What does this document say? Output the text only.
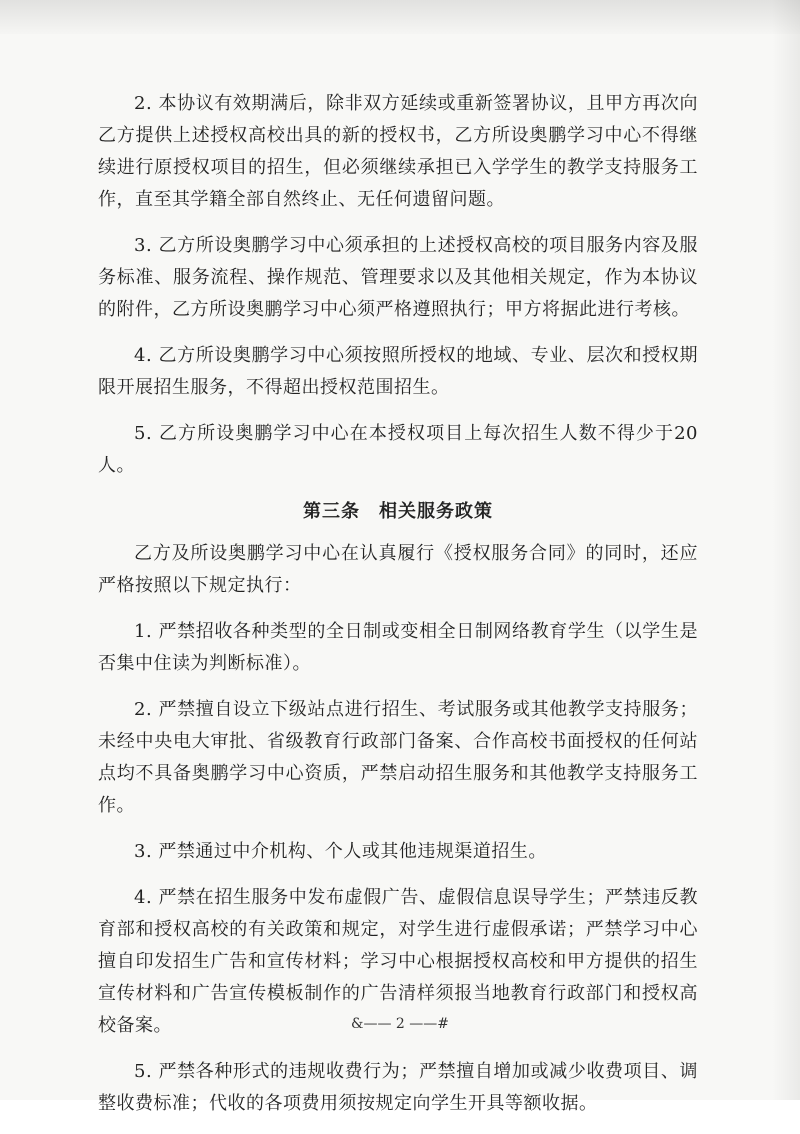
2. 本协议有效期满后，除非双方延续或重新签署协议，且甲方再次向乙方提供上述授权高校出具的新的授权书，乙方所设奥鹏学习中心不得继续进行原授权项目的招生，但必须继续承担已入学学生的教学支持服务工作，直至其学籍全部自然终止、无任何遗留问题。

3. 乙方所设奥鹏学习中心须承担的上述授权高校的项目服务内容及服务标准、服务流程、操作规范、管理要求以及其他相关规定，作为本协议的附件，乙方所设奥鹏学习中心须严格遵照执行；甲方将据此进行考核。

4. 乙方所设奥鹏学习中心须按照所授权的地域、专业、层次和授权期限开展招生服务，不得超出授权范围招生。

5. 乙方所设奥鹏学习中心在本授权项目上每次招生人数不得少于20人。

第三条　相关服务政策

乙方及所设奥鹏学习中心在认真履行《授权服务合同》的同时，还应严格按照以下规定执行：

1. 严禁招收各种类型的全日制或变相全日制网络教育学生（以学生是否集中住读为判断标准）。

2. 严禁擅自设立下级站点进行招生、考试服务或其他教学支持服务；未经中央电大审批、省级教育行政部门备案、合作高校书面授权的任何站点均不具备奥鹏学习中心资质，严禁启动招生服务和其他教学支持服务工作。

3. 严禁通过中介机构、个人或其他违规渠道招生。

4. 严禁在招生服务中发布虚假广告、虚假信息误导学生；严禁违反教育部和授权高校的有关政策和规定，对学生进行虚假承诺；严禁学习中心擅自印发招生广告和宣传材料；学习中心根据授权高校和甲方提供的招生宣传材料和广告宣传模板制作的广告清样须报当地教育行政部门和授权高校备案。

5. 严禁各种形式的违规收费行为；严禁擅自增加或减少收费项目、调整收费标准；代收的各项费用须按规定向学生开具等额收据。

&—— 2 ——#
